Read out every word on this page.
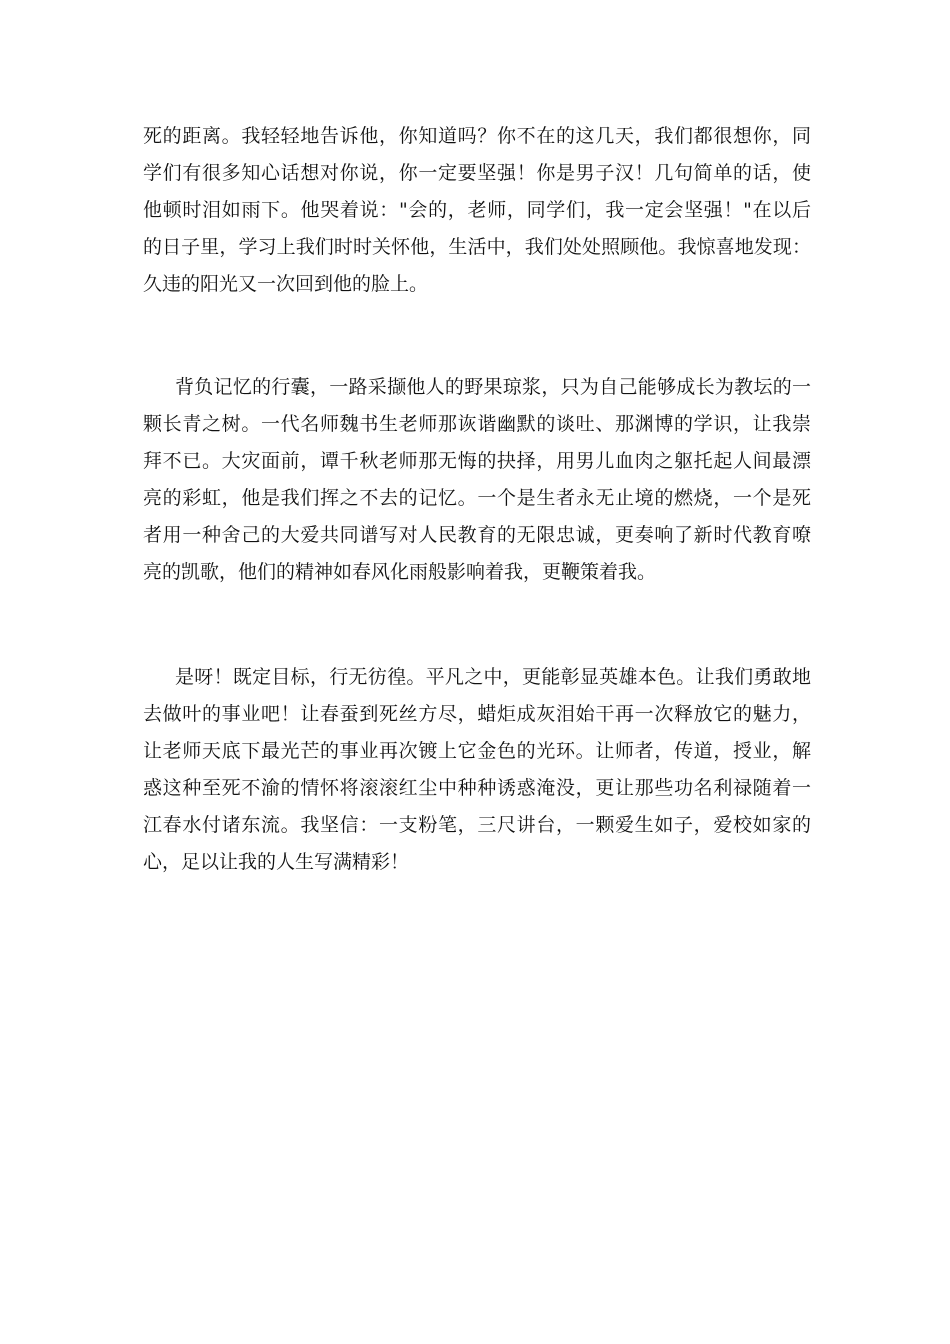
死的距离。我轻轻地告诉他，你知道吗？你不在的这几天，我们都很想你，同
学们有很多知心话想对你说，你一定要坚强！你是男子汉！几句简单的话，使
他顿时泪如雨下。他哭着说："会的，老师，同学们，我一定会坚强！"在以后
的日子里，学习上我们时时关怀他，生活中，我们处处照顾他。我惊喜地发现：
久违的阳光又一次回到他的脸上。

背负记忆的行囊，一路采撷他人的野果琼浆，只为自己能够成长为教坛的一
颗长青之树。一代名师魏书生老师那诙谐幽默的谈吐、那渊博的学识，让我崇
拜不已。大灾面前，谭千秋老师那无悔的抉择，用男儿血肉之躯托起人间最漂
亮的彩虹，他是我们挥之不去的记忆。一个是生者永无止境的燃烧，一个是死
者用一种舍己的大爱共同谱写对人民教育的无限忠诚，更奏响了新时代教育嘹
亮的凯歌，他们的精神如春风化雨般影响着我，更鞭策着我。

是呀！既定目标，行无彷徨。平凡之中，更能彰显英雄本色。让我们勇敢地
去做叶的事业吧！让春蚕到死丝方尽，蜡炬成灰泪始干再一次释放它的魅力，
让老师天底下最光芒的事业再次镀上它金色的光环。让师者，传道，授业，解
惑这种至死不渝的情怀将滚滚红尘中种种诱惑淹没，更让那些功名利禄随着一
江春水付诸东流。我坚信：一支粉笔，三尺讲台，一颗爱生如子，爱校如家的
心，足以让我的人生写满精彩！
